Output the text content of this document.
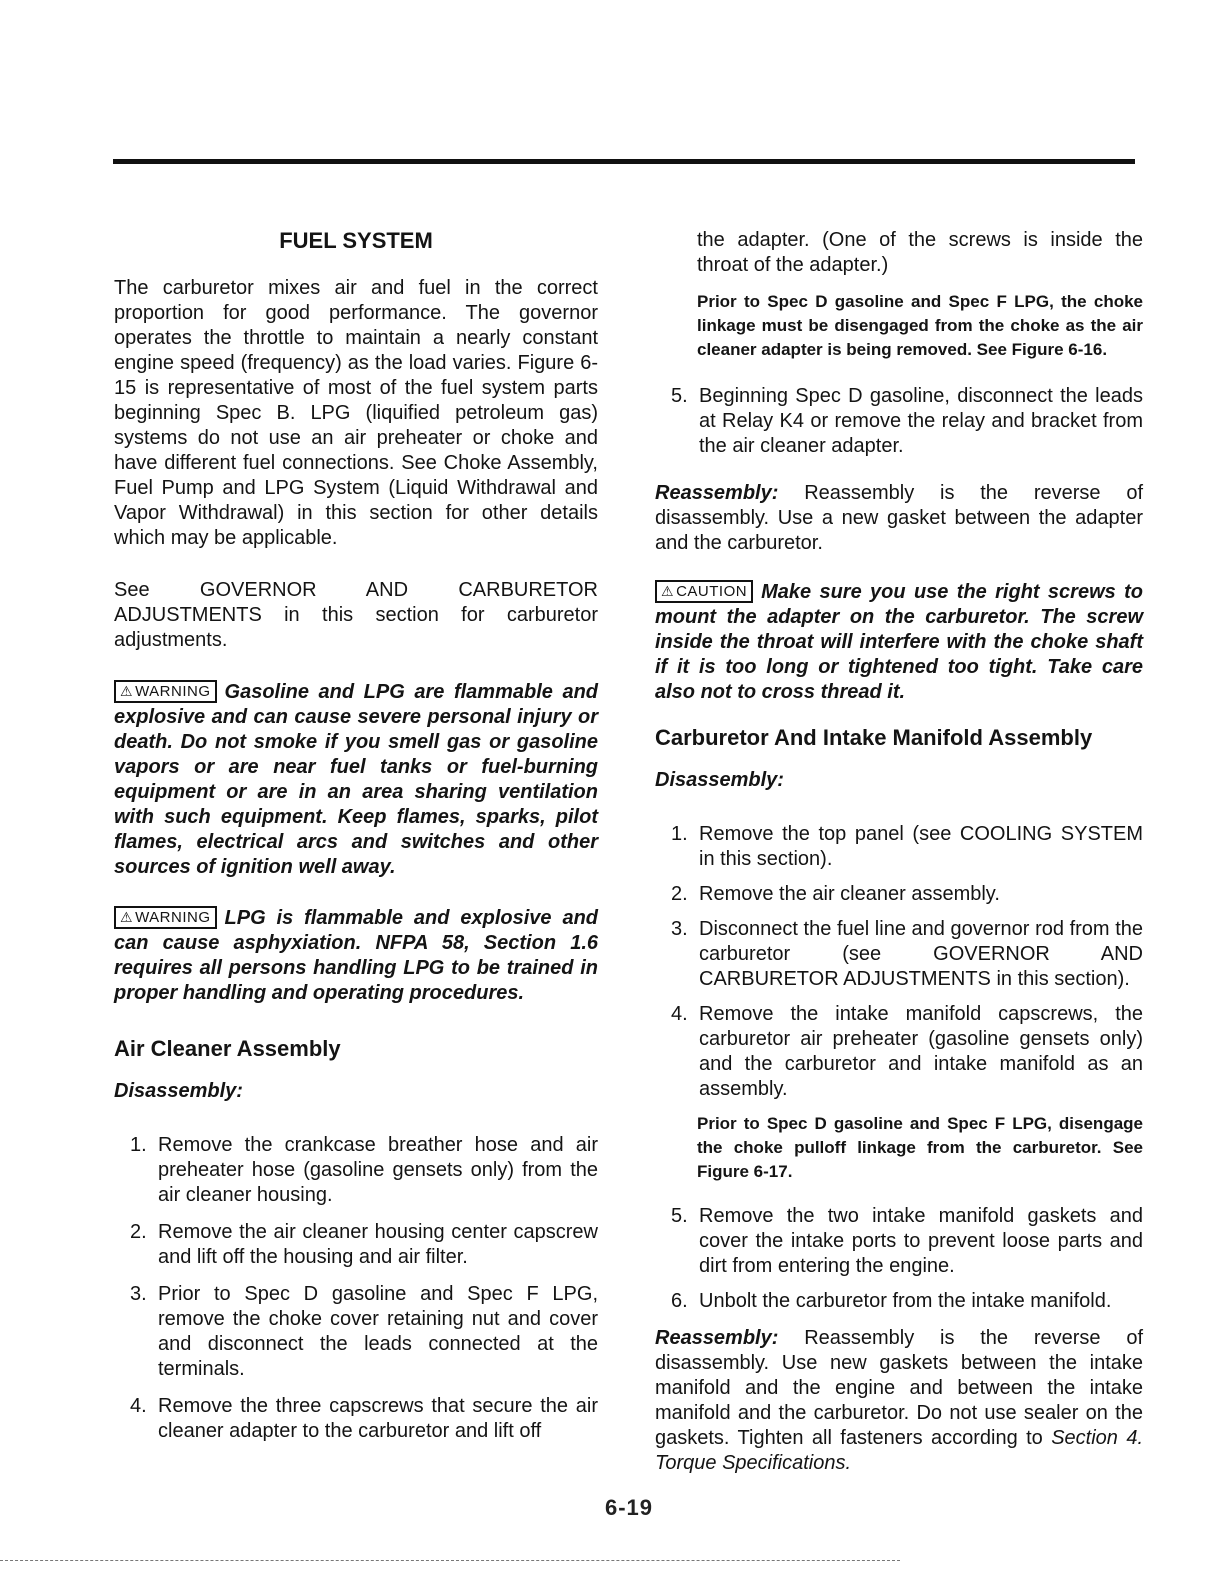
FUEL SYSTEM

The carburetor mixes air and fuel in the correct proportion for good performance. The governor operates the throttle to maintain a nearly constant engine speed (frequency) as the load varies. Figure 6-15 is representative of most of the fuel system parts beginning Spec B. LPG (liquified petroleum gas) systems do not use an air preheater or choke and have different fuel connections. See Choke Assembly, Fuel Pump and LPG System (Liquid Withdrawal and Vapor Withdrawal) in this section for other details which may be applicable.

See GOVERNOR AND CARBURETOR ADJUSTMENTS in this section for carburetor adjustments.

⚠ WARNING Gasoline and LPG are flammable and explosive and can cause severe personal injury or death. Do not smoke if you smell gas or gasoline vapors or are near fuel tanks or fuel-burning equipment or are in an area sharing ventilation with such equipment. Keep flames, sparks, pilot flames, electrical arcs and switches and other sources of ignition well away.

⚠ WARNING LPG is flammable and explosive and can cause asphyxiation. NFPA 58, Section 1.6 requires all persons handling LPG to be trained in proper handling and operating procedures.

Air Cleaner Assembly
Disassembly:
1. Remove the crankcase breather hose and air preheater hose (gasoline gensets only) from the air cleaner housing.
2. Remove the air cleaner housing center capscrew and lift off the housing and air filter.
3. Prior to Spec D gasoline and Spec F LPG, remove the choke cover retaining nut and cover and disconnect the leads connected at the terminals.
4. Remove the three capscrews that secure the air cleaner adapter to the carburetor and lift off

the adapter. (One of the screws is inside the throat of the adapter.)

Prior to Spec D gasoline and Spec F LPG, the choke linkage must be disengaged from the choke as the air cleaner adapter is being removed. See Figure 6-16.

5. Beginning Spec D gasoline, disconnect the leads at Relay K4 or remove the relay and bracket from the air cleaner adapter.

Reassembly: Reassembly is the reverse of disassembly. Use a new gasket between the adapter and the carburetor.

⚠ CAUTION Make sure you use the right screws to mount the adapter on the carburetor. The screw inside the throat will interfere with the choke shaft if it is too long or tightened too tight. Take care also not to cross thread it.

Carburetor And Intake Manifold Assembly
Disassembly:
1. Remove the top panel (see COOLING SYSTEM in this section).
2. Remove the air cleaner assembly.
3. Disconnect the fuel line and governor rod from the carburetor (see GOVERNOR AND CARBURETOR ADJUSTMENTS in this section).
4. Remove the intake manifold capscrews, the carburetor air preheater (gasoline gensets only) and the carburetor and intake manifold as an assembly.

Prior to Spec D gasoline and Spec F LPG, disengage the choke pulloff linkage from the carburetor. See Figure 6-17.

5. Remove the two intake manifold gaskets and cover the intake ports to prevent loose parts and dirt from entering the engine.
6. Unbolt the carburetor from the intake manifold.

Reassembly: Reassembly is the reverse of disassembly. Use new gaskets between the intake manifold and the engine and between the intake manifold and the carburetor. Do not use sealer on the gaskets. Tighten all fasteners according to Section 4. Torque Specifications.

6-19
